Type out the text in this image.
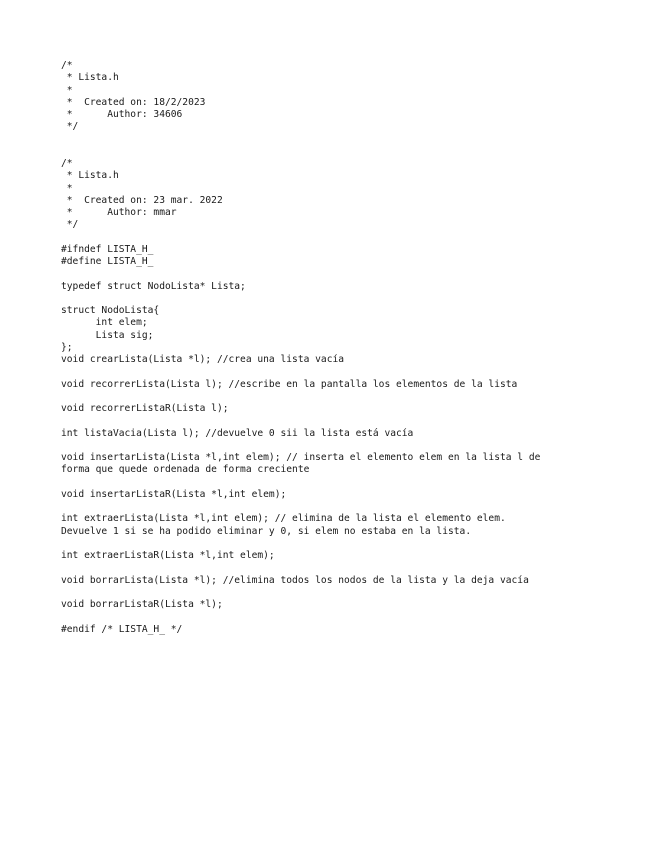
/*
* Lista.h
*
*  Created on: 18/2/2023
*      Author: 34606
*/
/*
* Lista.h
*
*  Created on: 23 mar. 2022
*      Author: mmar
*/
#ifndef LISTA_H_
#define LISTA_H_
typedef struct NodoLista* Lista;
struct NodoLista{
int elem;
Lista sig;
};
void crearLista(Lista *l); //crea una lista vacía
void recorrerLista(Lista l); //escribe en la pantalla los elementos de la lista
void recorrerListaR(Lista l);
int listaVacia(Lista l); //devuelve 0 sii la lista está vacía
void insertarLista(Lista *l,int elem); // inserta el elemento elem en la lista l de
forma que quede ordenada de forma creciente
void insertarListaR(Lista *l,int elem);
int extraerLista(Lista *l,int elem); // elimina de la lista el elemento elem.
Devuelve 1 si se ha podido eliminar y 0, si elem no estaba en la lista.
int extraerListaR(Lista *l,int elem);
void borrarLista(Lista *l); //elimina todos los nodos de la lista y la deja vacía
void borrarListaR(Lista *l);
#endif /* LISTA_H_ */
